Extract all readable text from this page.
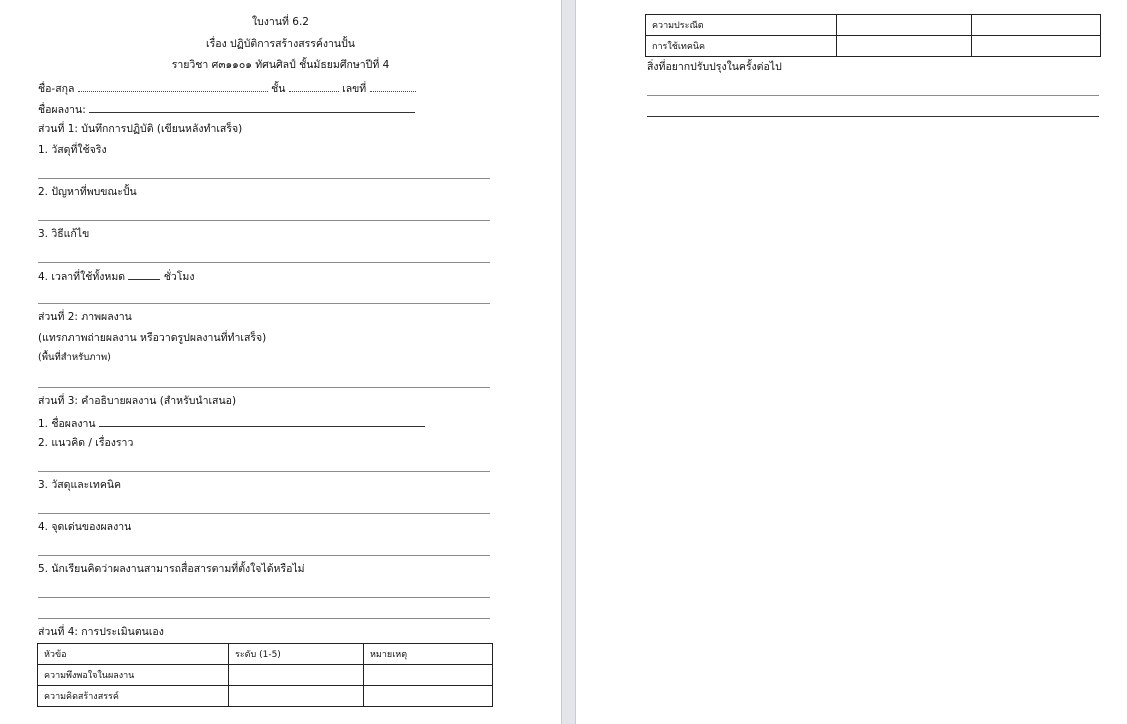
ใบงานที่ 6.2
เรื่อง ปฏิบัติการสร้างสรรค์งานปั้น
รายวิชา ศ๓๑๑๐๑ ทัศนศิลป์ ชั้นมัธยมศึกษาปีที่ 4
ชื่อ-สกุล	ชั้น	เลขที่
ชื่อผลงาน:
ส่วนที่ 1: บันทึกการปฏิบัติ (เขียนหลังทำเสร็จ)
1. วัสดุที่ใช้จริง
2. ปัญหาที่พบขณะปั้น
3. วิธีแก้ไข
4. เวลาที่ใช้ทั้งหมด	ชั่วโมง
ส่วนที่ 2: ภาพผลงาน
(แทรกภาพถ่ายผลงาน หรือวาดรูปผลงานที่ทำเสร็จ)
(พื้นที่สำหรับภาพ)
ส่วนที่ 3: คำอธิบายผลงาน (สำหรับนำเสนอ)
1. ชื่อผลงาน
2. แนวคิด / เรื่องราว
3. วัสดุและเทคนิค
4. จุดเด่นของผลงาน
5. นักเรียนคิดว่าผลงานสามารถสื่อสารตามที่ตั้งใจได้หรือไม่
ส่วนที่ 4: การประเมินตนเอง
หัวข้อ	ระดับ (1-5)	หมายเหตุ
ความพึงพอใจในผลงาน		
ความคิดสร้างสรรค์		
ความประณีต		
การใช้เทคนิค		
สิ่งที่อยากปรับปรุงในครั้งต่อไป
